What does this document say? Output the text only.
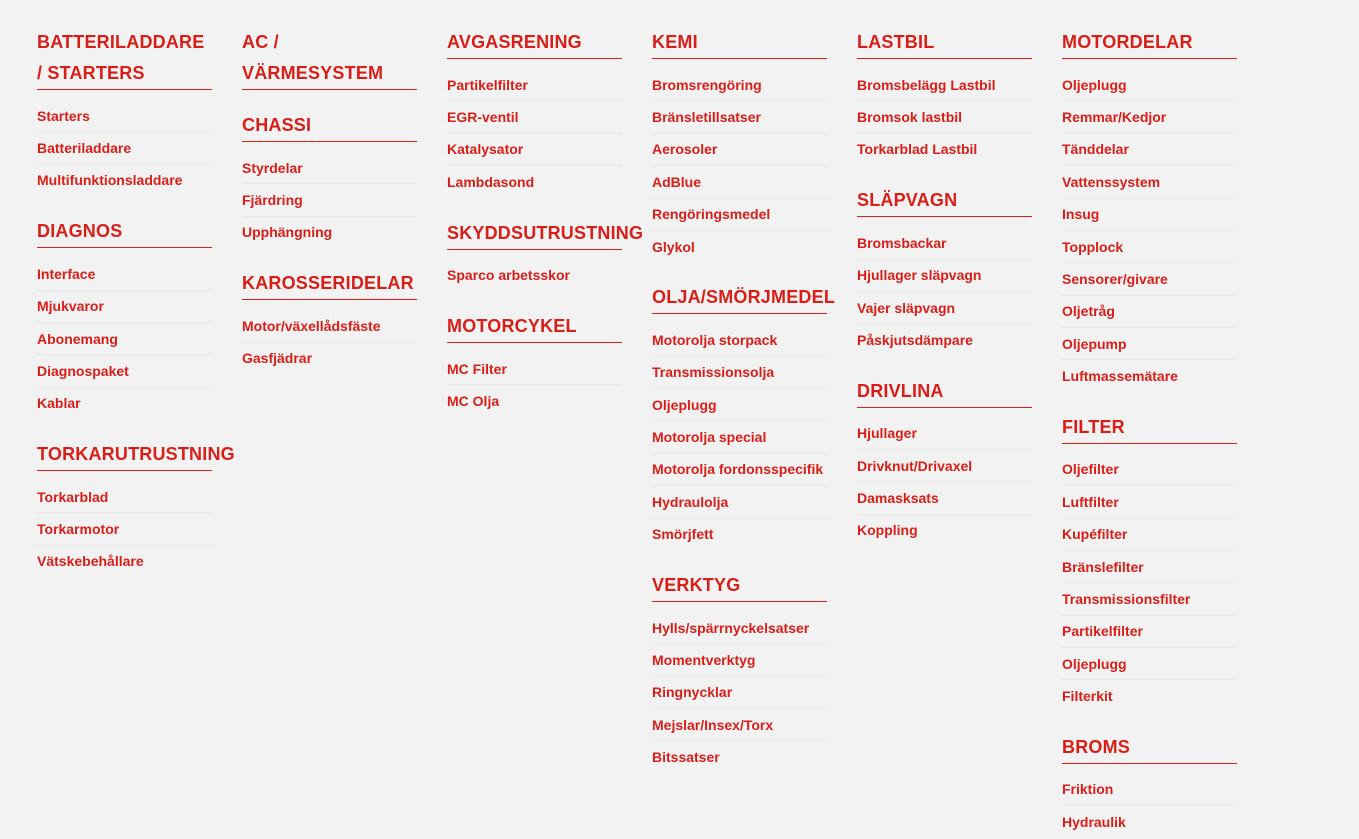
BATTERILADDARE / STARTERS
Starters
Batteriladdare
Multifunktionsladdare
DIAGNOS
Interface
Mjukvaror
Abonemang
Diagnospaket
Kablar
TORKARUTRUSTNING
Torkarblad
Torkarmotor
Vätskebehållare
AC / VÄRMESYSTEM
CHASSI
Styrdelar
Fjärdring
Upphängning
KAROSSERIDELAR
Motor/växellådsfäste
Gasfjädrar
AVGASRENING
Partikelfilter
EGR-ventil
Katalysator
Lambdasond
SKYDDSUTRUSTNING
Sparco arbetsskor
MOTORCYKEL
MC Filter
MC Olja
KEMI
Bromsrengöring
Bränsletillsatser
Aerosoler
AdBlue
Rengöringsmedel
Glykol
OLJA/SMÖRJMEDEL
Motorolja storpack
Transmissionsolja
Oljeplugg
Motorolja special
Motorolja fordonsspecifik
Hydraulolja
Smörjfett
VERKTYG
Hylls/spärrnyckelsatser
Momentverktyg
Ringnycklar
Mejslar/Insex/Torx
Bitssatser
LASTBIL
Bromsbelägg Lastbil
Bromsok lastbil
Torkarblad Lastbil
SLÄPVAGN
Bromsbackar
Hjullager släpvagn
Vajer släpvagn
Påskjutsdämpare
DRIVLINA
Hjullager
Drivknut/Drivaxel
Damasksats
Koppling
MOTORDELAR
Oljeplugg
Remmar/Kedjor
Tänddelar
Vattenssystem
Insug
Topplock
Sensorer/givare
Oljetråg
Oljepump
Luftmassemätare
FILTER
Oljefilter
Luftfilter
Kupéfilter
Bränslefilter
Transmissionsfilter
Partikelfilter
Oljeplugg
Filterkit
BROMS
Friktion
Hydraulik
